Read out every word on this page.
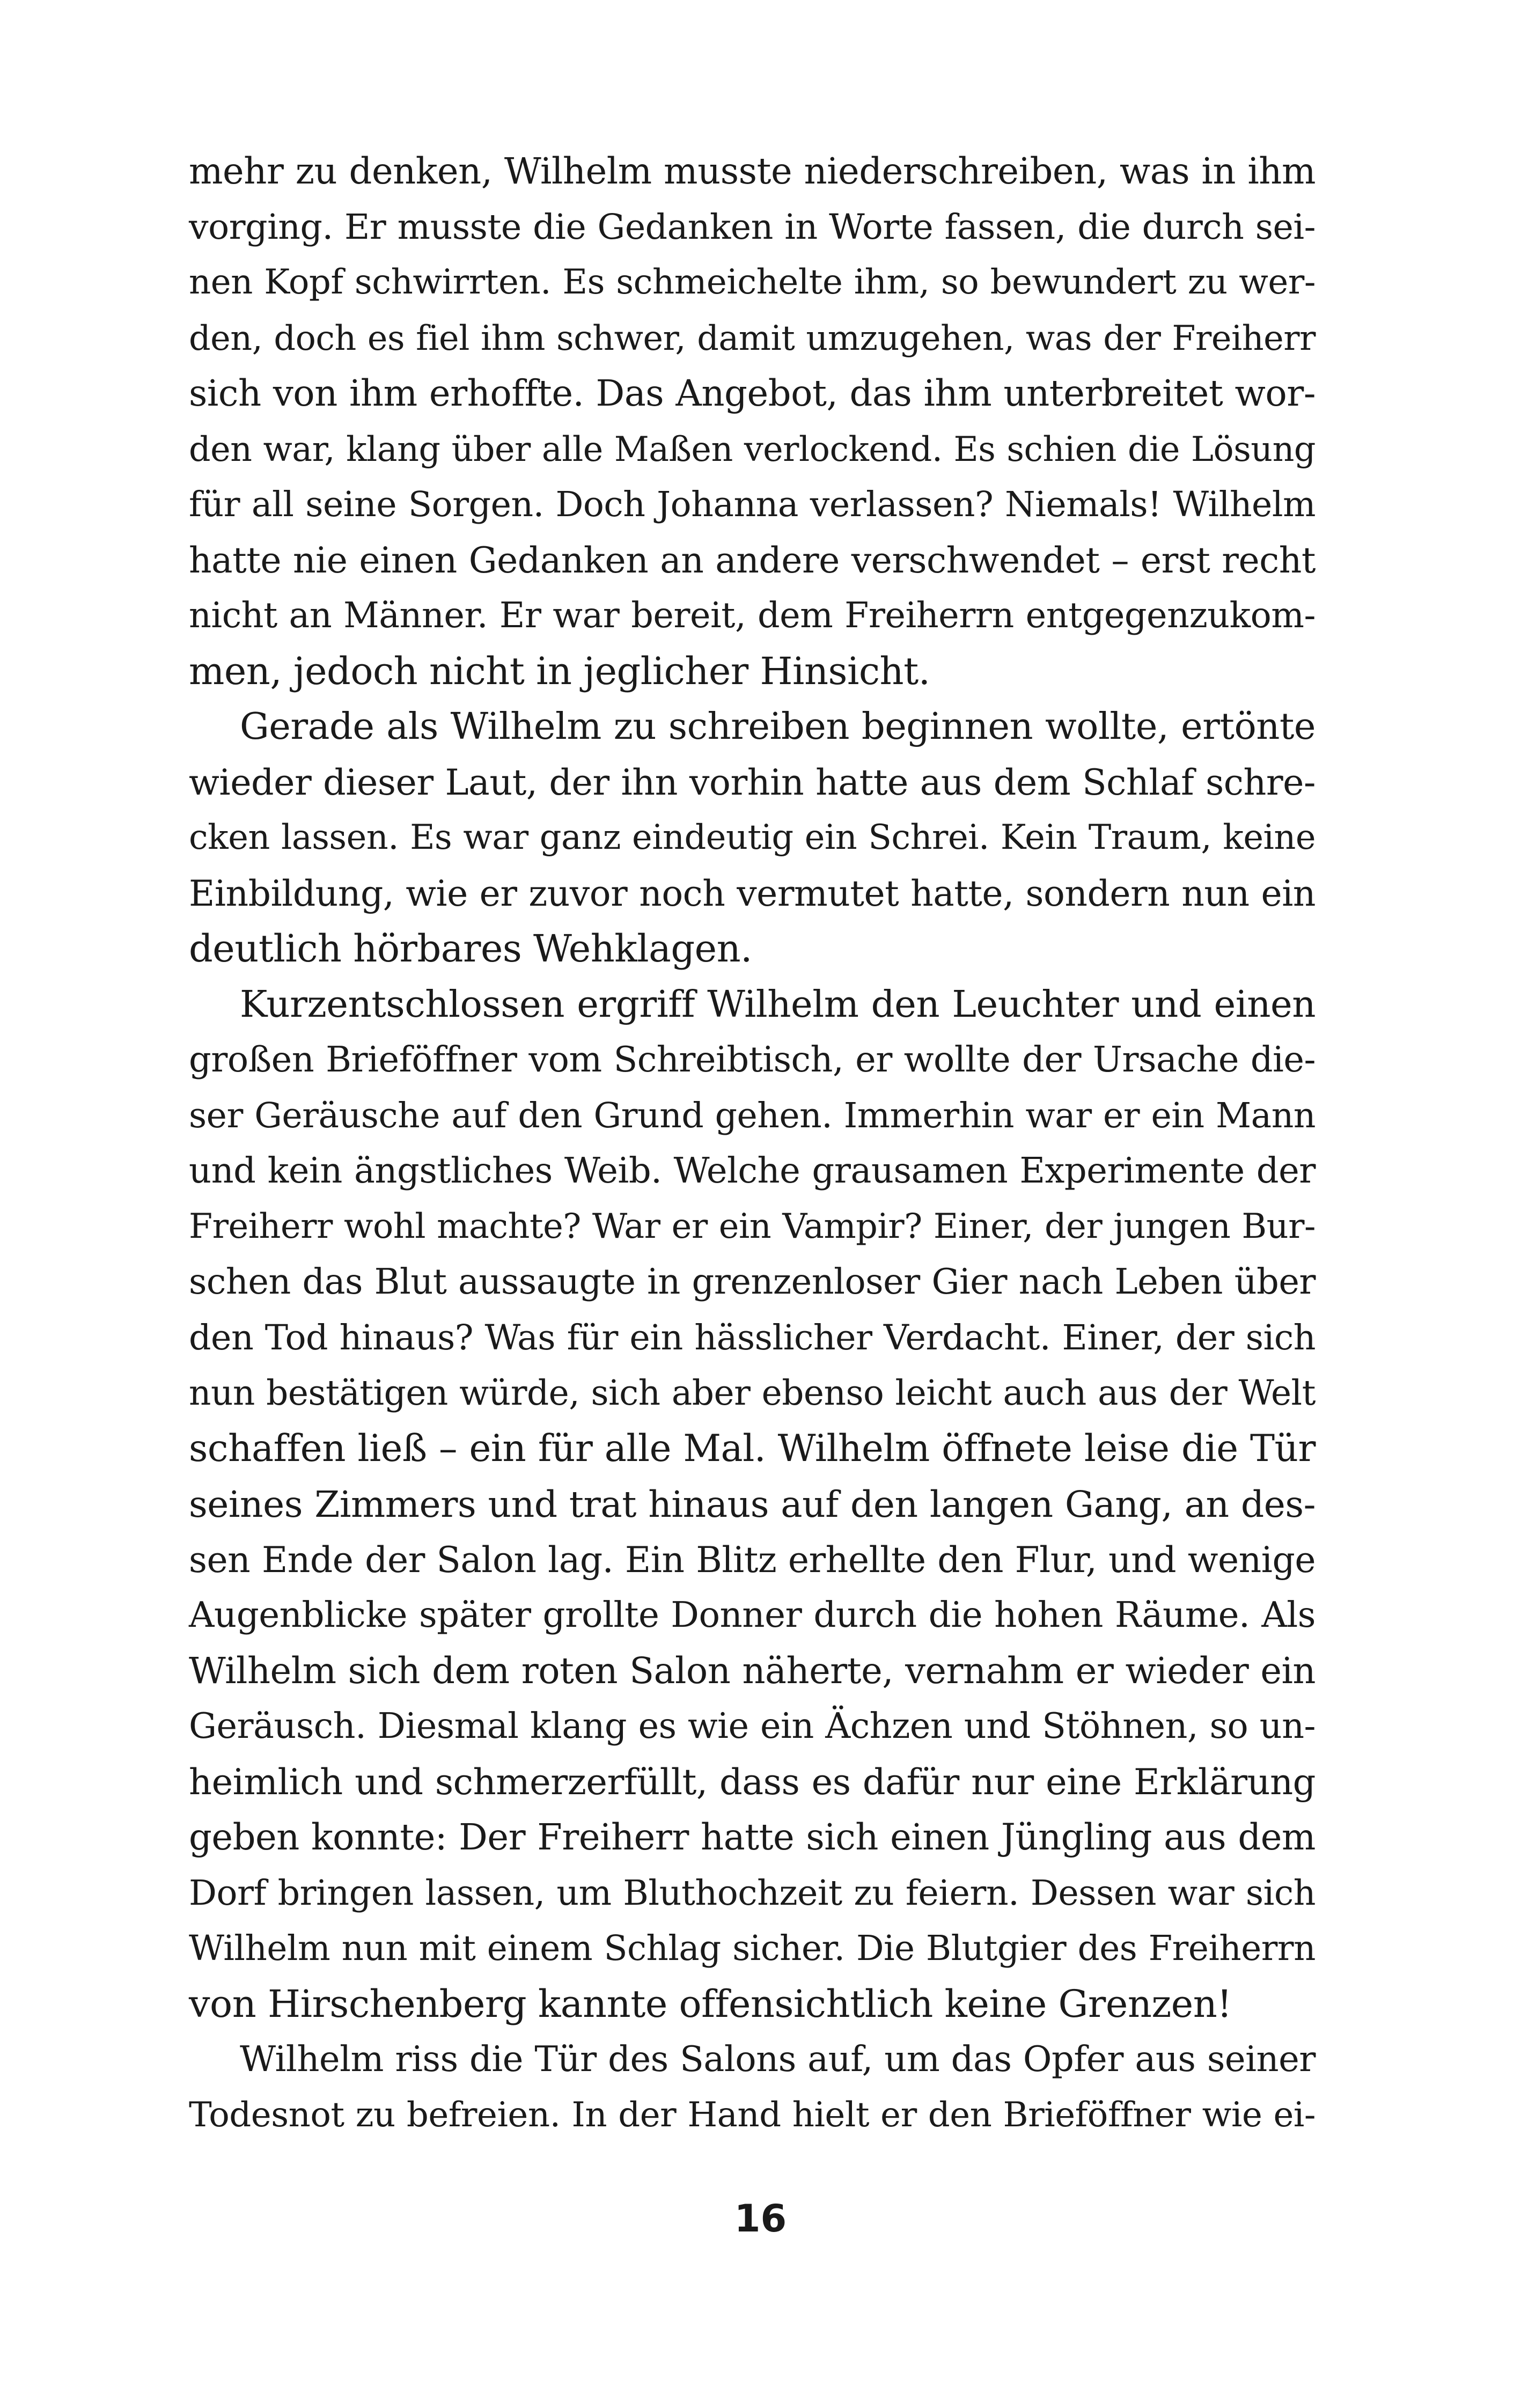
mehr zu denken, Wilhelm musste niederschreiben, was in ihm
vorging. Er musste die Gedanken in Worte fassen, die durch sei-
nen Kopf schwirrten. Es schmeichelte ihm, so bewundert zu wer-
den, doch es fiel ihm schwer, damit umzugehen, was der Freiherr
sich von ihm erhoffte. Das Angebot, das ihm unterbreitet wor-
den war, klang über alle Maßen verlockend. Es schien die Lösung
für all seine Sorgen. Doch Johanna verlassen? Niemals! Wilhelm
hatte nie einen Gedanken an andere verschwendet – erst recht
nicht an Männer. Er war bereit, dem Freiherrn entgegenzukom-
men, jedoch nicht in jeglicher Hinsicht.
Gerade als Wilhelm zu schreiben beginnen wollte, ertönte
wieder dieser Laut, der ihn vorhin hatte aus dem Schlaf schre-
cken lassen. Es war ganz eindeutig ein Schrei. Kein Traum, keine
Einbildung, wie er zuvor noch vermutet hatte, sondern nun ein
deutlich hörbares Wehklagen.
Kurzentschlossen ergriff Wilhelm den Leuchter und einen
großen Brieföffner vom Schreibtisch, er wollte der Ursache die-
ser Geräusche auf den Grund gehen. Immerhin war er ein Mann
und kein ängstliches Weib. Welche grausamen Experimente der
Freiherr wohl machte? War er ein Vampir? Einer, der jungen Bur-
schen das Blut aussaugte in grenzenloser Gier nach Leben über
den Tod hinaus? Was für ein hässlicher Verdacht. Einer, der sich
nun bestätigen würde, sich aber ebenso leicht auch aus der Welt
schaffen ließ – ein für alle Mal. Wilhelm öffnete leise die Tür
seines Zimmers und trat hinaus auf den langen Gang, an des-
sen Ende der Salon lag. Ein Blitz erhellte den Flur, und wenige
Augenblicke später grollte Donner durch die hohen Räume. Als
Wilhelm sich dem roten Salon näherte, vernahm er wieder ein
Geräusch. Diesmal klang es wie ein Ächzen und Stöhnen, so un-
heimlich und schmerzerfüllt, dass es dafür nur eine Erklärung
geben konnte: Der Freiherr hatte sich einen Jüngling aus dem
Dorf bringen lassen, um Bluthochzeit zu feiern. Dessen war sich
Wilhelm nun mit einem Schlag sicher. Die Blutgier des Freiherrn
von Hirschenberg kannte offensichtlich keine Grenzen!
Wilhelm riss die Tür des Salons auf, um das Opfer aus seiner
Todesnot zu befreien. In der Hand hielt er den Brieföffner wie ei-
16
